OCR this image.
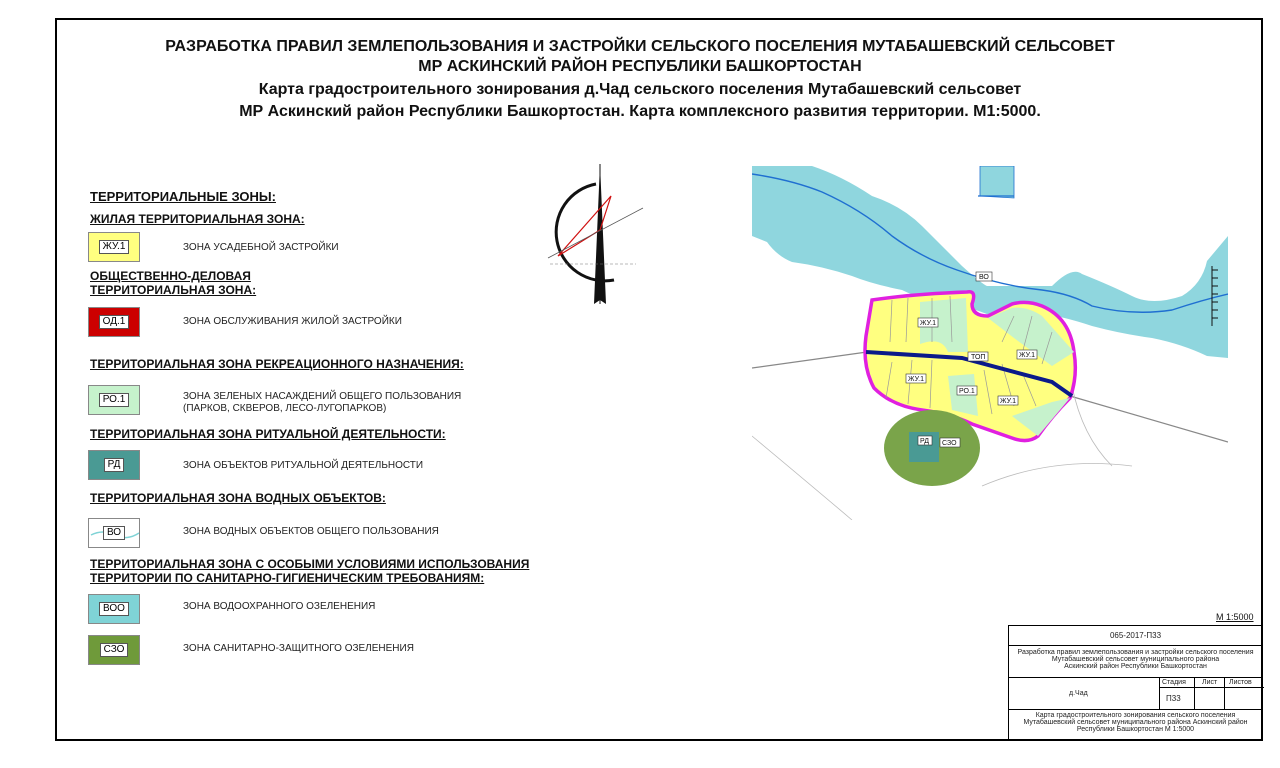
РАЗРАБОТКА ПРАВИЛ ЗЕМЛЕПОЛЬЗОВАНИЯ И ЗАСТРОЙКИ СЕЛЬСКОГО ПОСЕЛЕНИЯ МУТАБАШЕВСКИЙ СЕЛЬСОВЕТ
МР АСКИНСКИЙ РАЙОН РЕСПУБЛИКИ БАШКОРТОСТАН
Карта градостроительного зонирования д.Чад сельского поселения Мутабашевский сельсовет
МР Аскинский район Республики Башкортостан. Карта комплексного развития территории. М1:5000.
ТЕРРИТОРИАЛЬНЫЕ ЗОНЫ:
ЖИЛАЯ ТЕРРИТОРИАЛЬНАЯ ЗОНА:
ЖУ.1	ЗОНА УСАДЕБНОЙ ЗАСТРОЙКИ
ОБЩЕСТВЕННО-ДЕЛОВАЯ
ТЕРРИТОРИАЛЬНАЯ ЗОНА:
ОД.1	ЗОНА ОБСЛУЖИВАНИЯ ЖИЛОЙ ЗАСТРОЙКИ
ТЕРРИТОРИАЛЬНАЯ ЗОНА РЕКРЕАЦИОННОГО НАЗНАЧЕНИЯ:
РО.1	ЗОНА ЗЕЛЕНЫХ НАСАЖДЕНИЙ ОБЩЕГО ПОЛЬЗОВАНИЯ
(ПАРКОВ, СКВЕРОВ, ЛЕСО-ЛУГОПАРКОВ)
ТЕРРИТОРИАЛЬНАЯ ЗОНА РИТУАЛЬНОЙ ДЕЯТЕЛЬНОСТИ:
РД	ЗОНА ОБЪЕКТОВ РИТУАЛЬНОЙ ДЕЯТЕЛЬНОСТИ
ТЕРРИТОРИАЛЬНАЯ ЗОНА ВОДНЫХ ОБЪЕКТОВ:
ВО	ЗОНА ВОДНЫХ ОБЪЕКТОВ ОБЩЕГО ПОЛЬЗОВАНИЯ
ТЕРРИТОРИАЛЬНАЯ ЗОНА С ОСОБЫМИ УСЛОВИЯМИ ИСПОЛЬЗОВАНИЯ
ТЕРРИТОРИИ ПО САНИТАРНО-ГИГИЕНИЧЕСКИМ ТРЕБОВАНИЯМ:
ВОО	ЗОНА ВОДООХРАННОГО ОЗЕЛЕНЕНИЯ
СЗО	ЗОНА САНИТАРНО-ЗАЩИТНОГО ОЗЕЛЕНЕНИЯ
ВО
ЖУ.1
ТОП	ЖУ.1
ЖУ.1
РО.1
ЖУ.1
РД СЗО
М 1:5000
065-2017-П33
Разработка правил землепользования и застройки сельского поселения
Мутабашевский сельсовет муниципального района
Аскинский район Республики Башкортостан
д.Чад
Стадия Лист Листов
П33
Карта градостроительного зонирования сельского поселения
Мутабашевский сельсовет муниципального района Аскинский район
Республики Башкортостан М 1:5000
